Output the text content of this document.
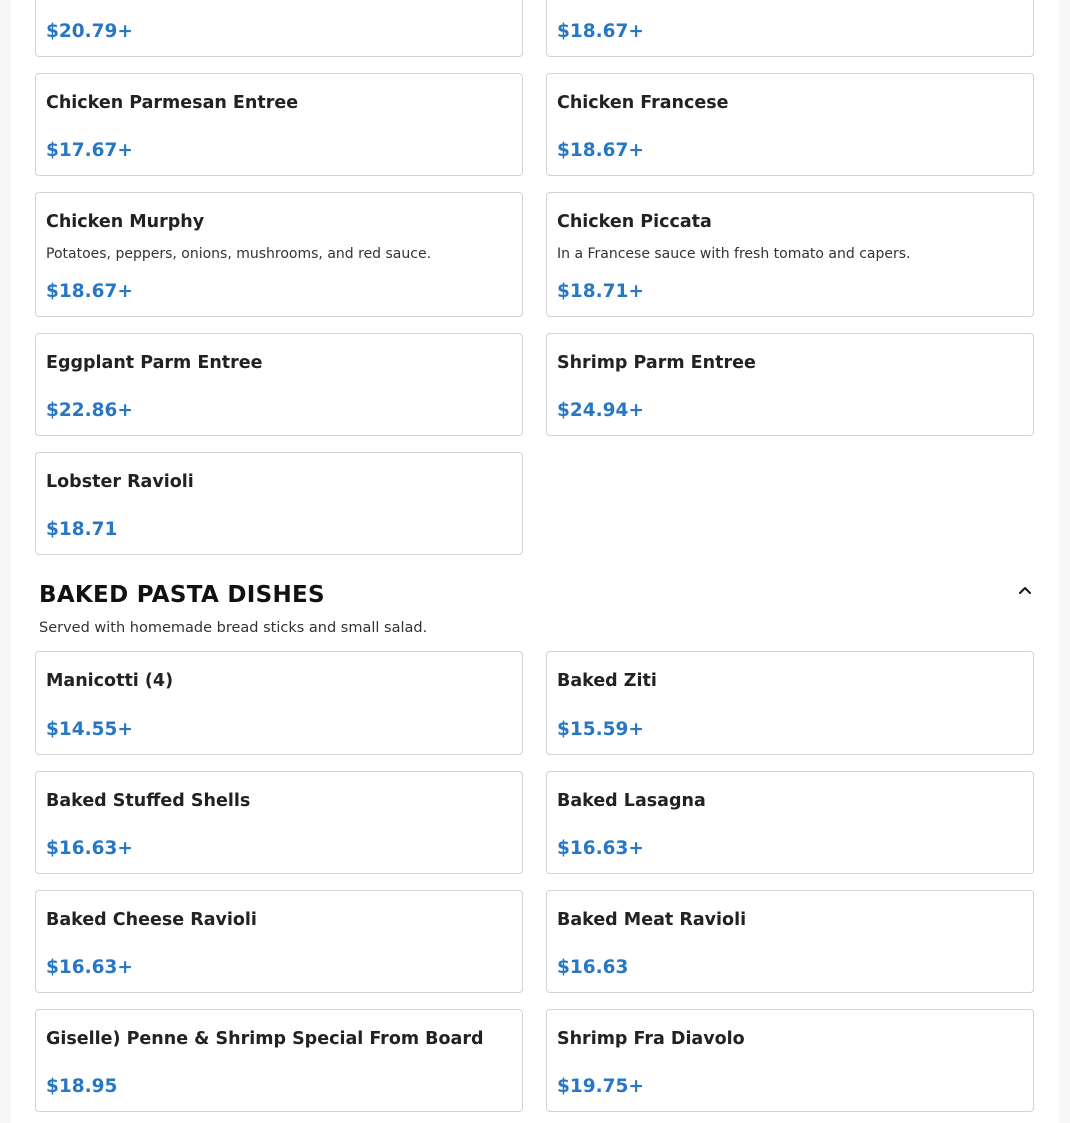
$20.79+	$18.67+
Chicken Parmesan Entree
$17.67+
Chicken Francese
$18.67+
Chicken Murphy
Potatoes, peppers, onions, mushrooms, and red sauce.
$18.67+
Chicken Piccata
In a Francese sauce with fresh tomato and capers.
$18.71+
Eggplant Parm Entree
$22.86+
Shrimp Parm Entree
$24.94+
Lobster Ravioli
$18.71
BAKED PASTA DISHES
Served with homemade bread sticks and small salad.
Manicotti (4)
$14.55+
Baked Ziti
$15.59+
Baked Stuffed Shells
$16.63+
Baked Lasagna
$16.63+
Baked Cheese Ravioli
$16.63+
Baked Meat Ravioli
$16.63
Giselle) Penne & Shrimp Special From Board
$18.95
Shrimp Fra Diavolo
$19.75+
